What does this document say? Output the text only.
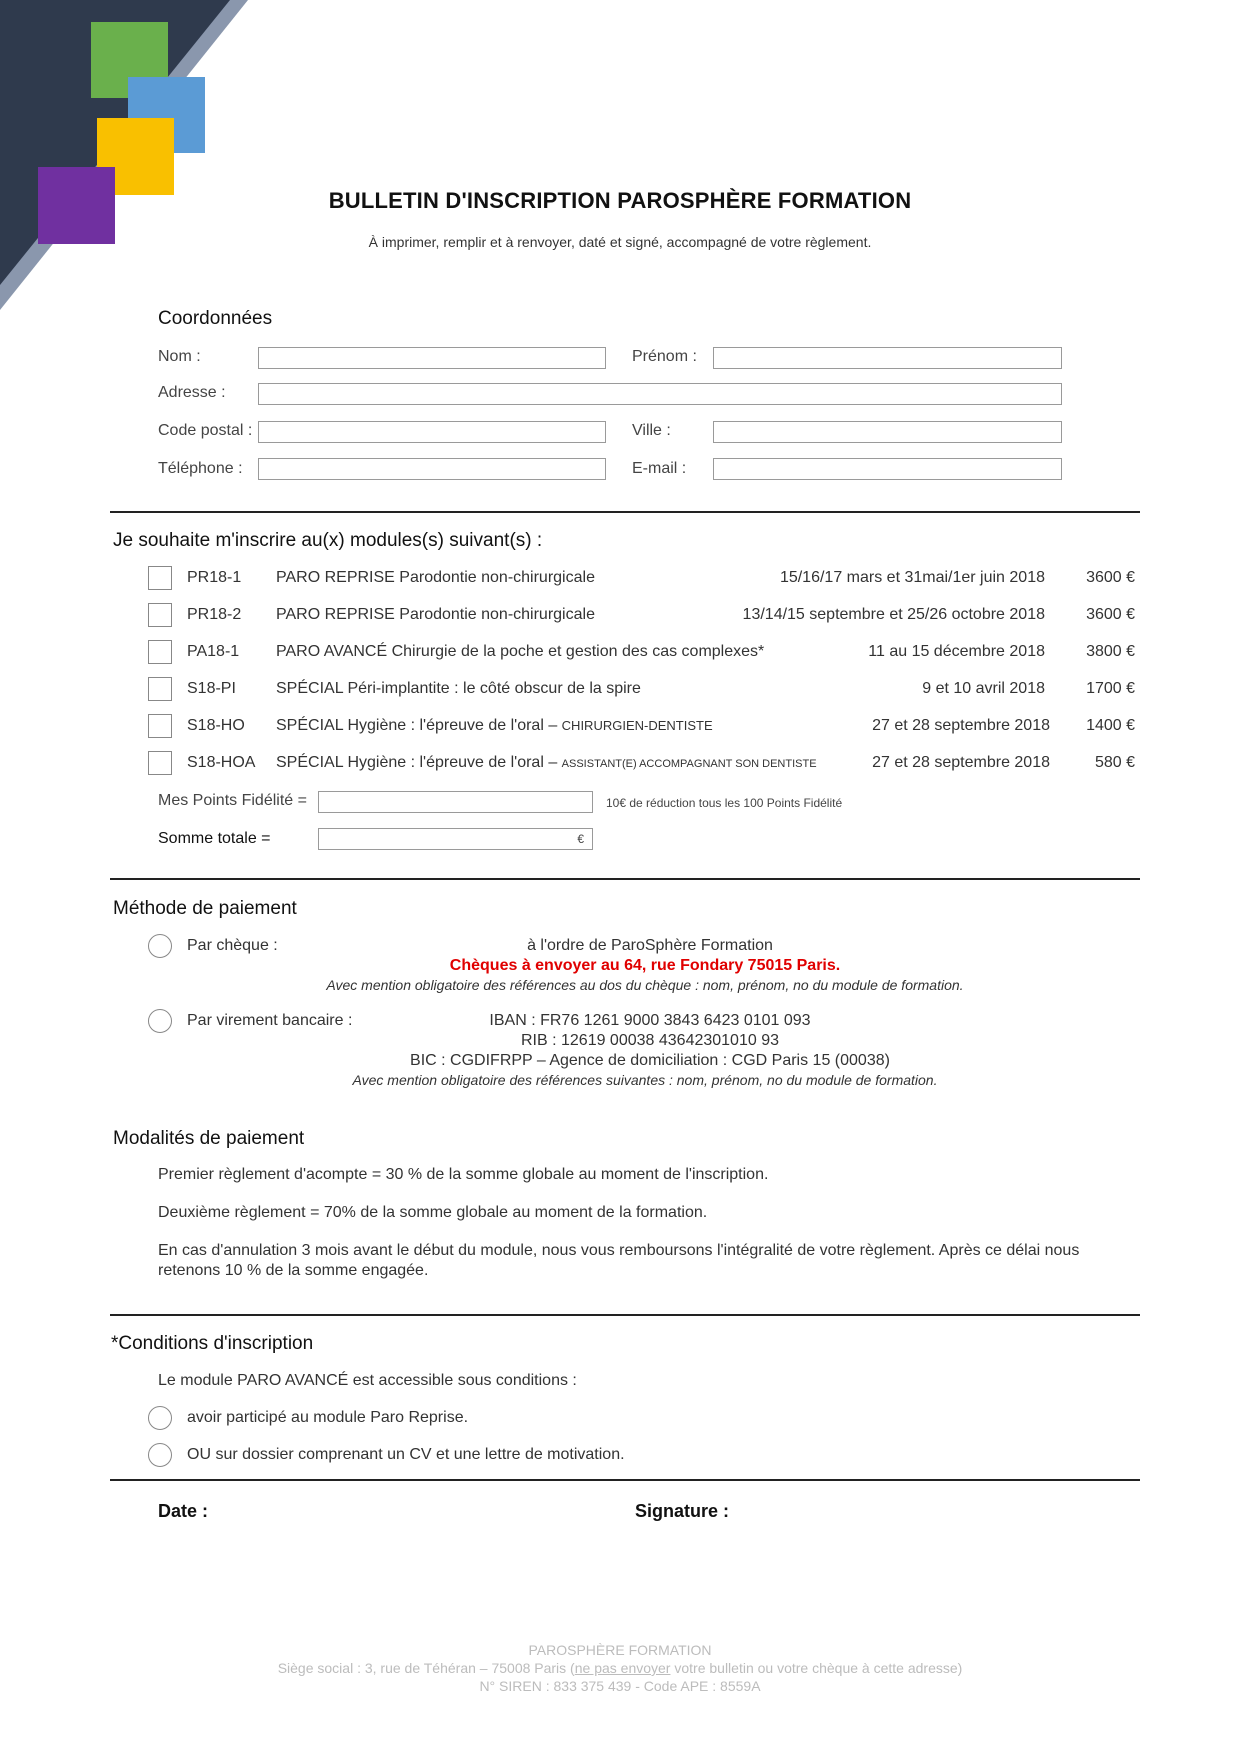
BULLETIN D'INSCRIPTION PAROSPHÈRE FORMATION
À imprimer, remplir et à renvoyer, daté et signé, accompagné de votre règlement.
Coordonnées
Nom :	Prénom :
Adresse :
Code postal :	Ville :
Téléphone :	E-mail :
Je souhaite m'inscrire au(x) modules(s) suivant(s) :
PR18-1 PARO REPRISE Parodontie non-chirurgicale	15/16/17 mars et 31mai/1er juin 2018	3600 €
PR18-2 PARO REPRISE Parodontie non-chirurgicale	13/14/15 septembre et 25/26 octobre 2018	3600 €
PA18-1 PARO AVANCÉ Chirurgie de la poche et gestion des cas complexes*	11 au 15 décembre 2018	3800 €
S18-PI	SPÉCIAL Péri-implantite : le côté obscur de la spire	9 et 10 avril 2018	1700 €
S18-HO SPÉCIAL Hygiène : l'épreuve de l'oral – CHIRURGIEN-DENTISTE	27 et 28 septembre 2018	1400 €
S18-HOA SPÉCIAL Hygiène : l'épreuve de l'oral – ASSISTANT(E) ACCOMPAGNANT SON DENTISTE	27 et 28 septembre 2018	580 €
Mes Points Fidélité =	10€ de réduction tous les 100 Points Fidélité
Somme totale =	€
Méthode de paiement
Par chèque :	à l'ordre de ParoSphère Formation
Chèques à envoyer au 64, rue Fondary 75015 Paris.
Avec mention obligatoire des références au dos du chèque : nom, prénom, no du module de formation.
Par virement bancaire :	IBAN : FR76 1261 9000 3843 6423 0101 093
RIB : 12619 00038 43642301010 93
BIC : CGDIFRPP – Agence de domiciliation : CGD Paris 15 (00038)
Avec mention obligatoire des références suivantes : nom, prénom, no du module de formation.
Modalités de paiement
Premier règlement d'acompte = 30 % de la somme globale au moment de l'inscription.
Deuxième règlement = 70% de la somme globale au moment de la formation.
En cas d'annulation 3 mois avant le début du module, nous vous remboursons l'intégralité de votre règlement. Après ce délai nous retenons 10 % de la somme engagée.
*Conditions d'inscription
Le module PARO AVANCÉ est accessible sous conditions :
avoir participé au module Paro Reprise.
OU sur dossier comprenant un CV et une lettre de motivation.
Date :	Signature :
PAROSPHÈRE FORMATION
Siège social : 3, rue de Téhéran – 75008 Paris (ne pas envoyer votre bulletin ou votre chèque à cette adresse)
N° SIREN : 833 375 439 - Code APE : 8559A
